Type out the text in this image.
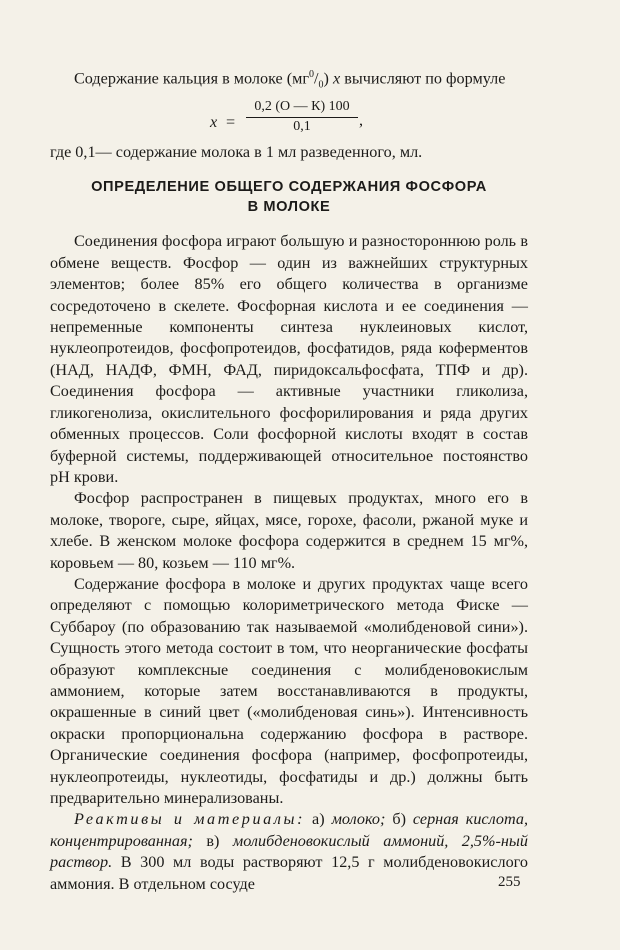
Содержание кальция в молоке $(мг^0/_0)$ x вычисляют по формуле

x =
0,2 (О — К) 100
0,1	,

где 0,1— содержание молока в 1 мл разведенного, мл.

ОПРЕДЕЛЕНИЕ ОБЩЕГО СОДЕРЖАНИЯ ФОСФОРА
В МОЛОКЕ

Соединения фосфора играют большую и разностороннюю роль в обмене веществ. Фосфор — один из важнейших структурных элементов; более 85% его общего количества в организме сосредоточено в скелете. Фосфорная кислота и ее соединения — непременные компоненты синтеза нуклеиновых кислот, нуклеопротеидов, фосфопротеидов, фосфатидов, ряда коферментов (НАД, НАДФ, ФМН, ФАД, пиридоксальфосфата, ТПФ и др). Соединения фосфора — активные участники гликолиза, гликогенолиза, окислительного фосфорилирования и ряда других обменных процессов. Соли фосфорной кислоты входят в состав буферной системы, поддерживающей относительное постоянство pH крови.

Фосфор распространен в пищевых продуктах, много его в молоке, твороге, сыре, яйцах, мясе, горохе, фасоли, ржаной муке и хлебе. В женском молоке фосфора содержится в среднем 15 мг%, коровьем — 80, козьем — 110 мг%.

Содержание фосфора в молоке и других продуктах чаще всего определяют с помощью колориметрического метода Фиске — Суббароу (по образованию так называемой «молибденовой сини»). Сущность этого метода состоит в том, что неорганические фосфаты образуют комплексные соединения с молибденовокислым аммонием, которые затем восстанавливаются в продукты, окрашенные в синий цвет («молибденовая синь»). Интенсивность окраски пропорциональна содержанию фосфора в растворе. Органические соединения фосфора (например, фосфопротеиды, нуклеопротеиды, нуклеотиды, фосфатиды и др.) должны быть предварительно минерализованы.

Реактивы и материалы: а) молоко; б) серная кислота, концентрированная; в) молибденовокислый аммоний, 2,5%-ный раствор. В 300 мл воды растворяют 12,5 г молибденовокислого аммония. В отдельном сосуде	255
